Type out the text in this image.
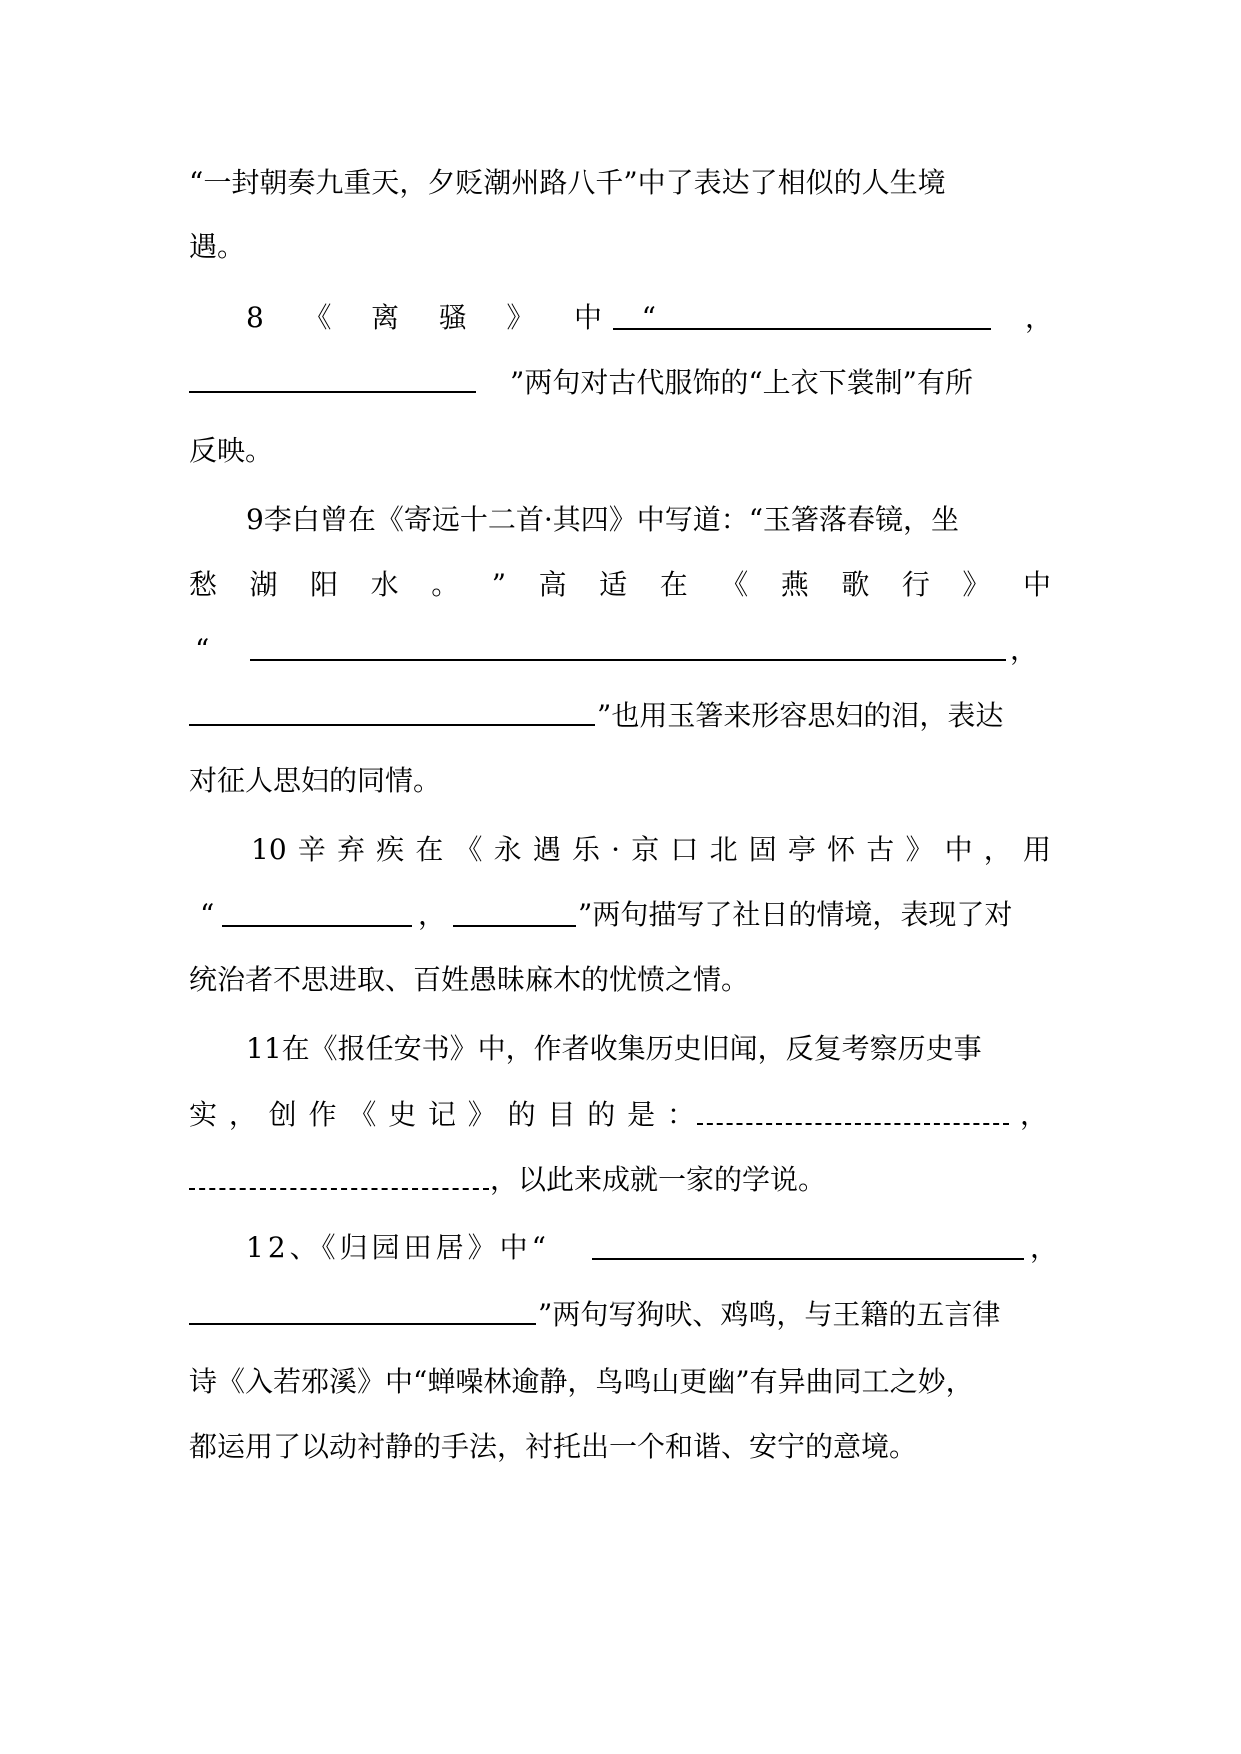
“一封朝奏九重天，夕贬潮州路八千”中了表达了相似的人生境
遇。
8 《 离 骚 》 中 “	，
”两句对古代服饰的“上衣下裳制”有所
反映。
9李白曾在《寄远十二首·其四》中写道：“玉箸落春镜，坐
愁 湖 阳 水 。 ” 高 适 在 《 燕 歌 行 》 中
“	，
”也用玉箸来形容思妇的泪，表达
对征人思妇的同情。
10 辛 弃 疾 在 《 永 遇 乐 · 京 口 北 固 亭 怀 古 》 中 ， 用
“	，	”两句描写了社日的情境，表现了对
统治者不思进取、百姓愚昧麻木的忧愤之情。
11在《报任安书》中，作者收集历史旧闻，反复考察历史事
实 ， 创 作 《 史 记 》 的 目 的 是 ：	，
，以此来成就一家的学说。
12、《归园田居》中“	，
”两句写狗吠、鸡鸣，与王籍的五言律
诗《入若邪溪》中“蝉噪林逾静，鸟鸣山更幽”有异曲同工之妙，
都运用了以动衬静的手法，衬托出一个和谐、安宁的意境。
